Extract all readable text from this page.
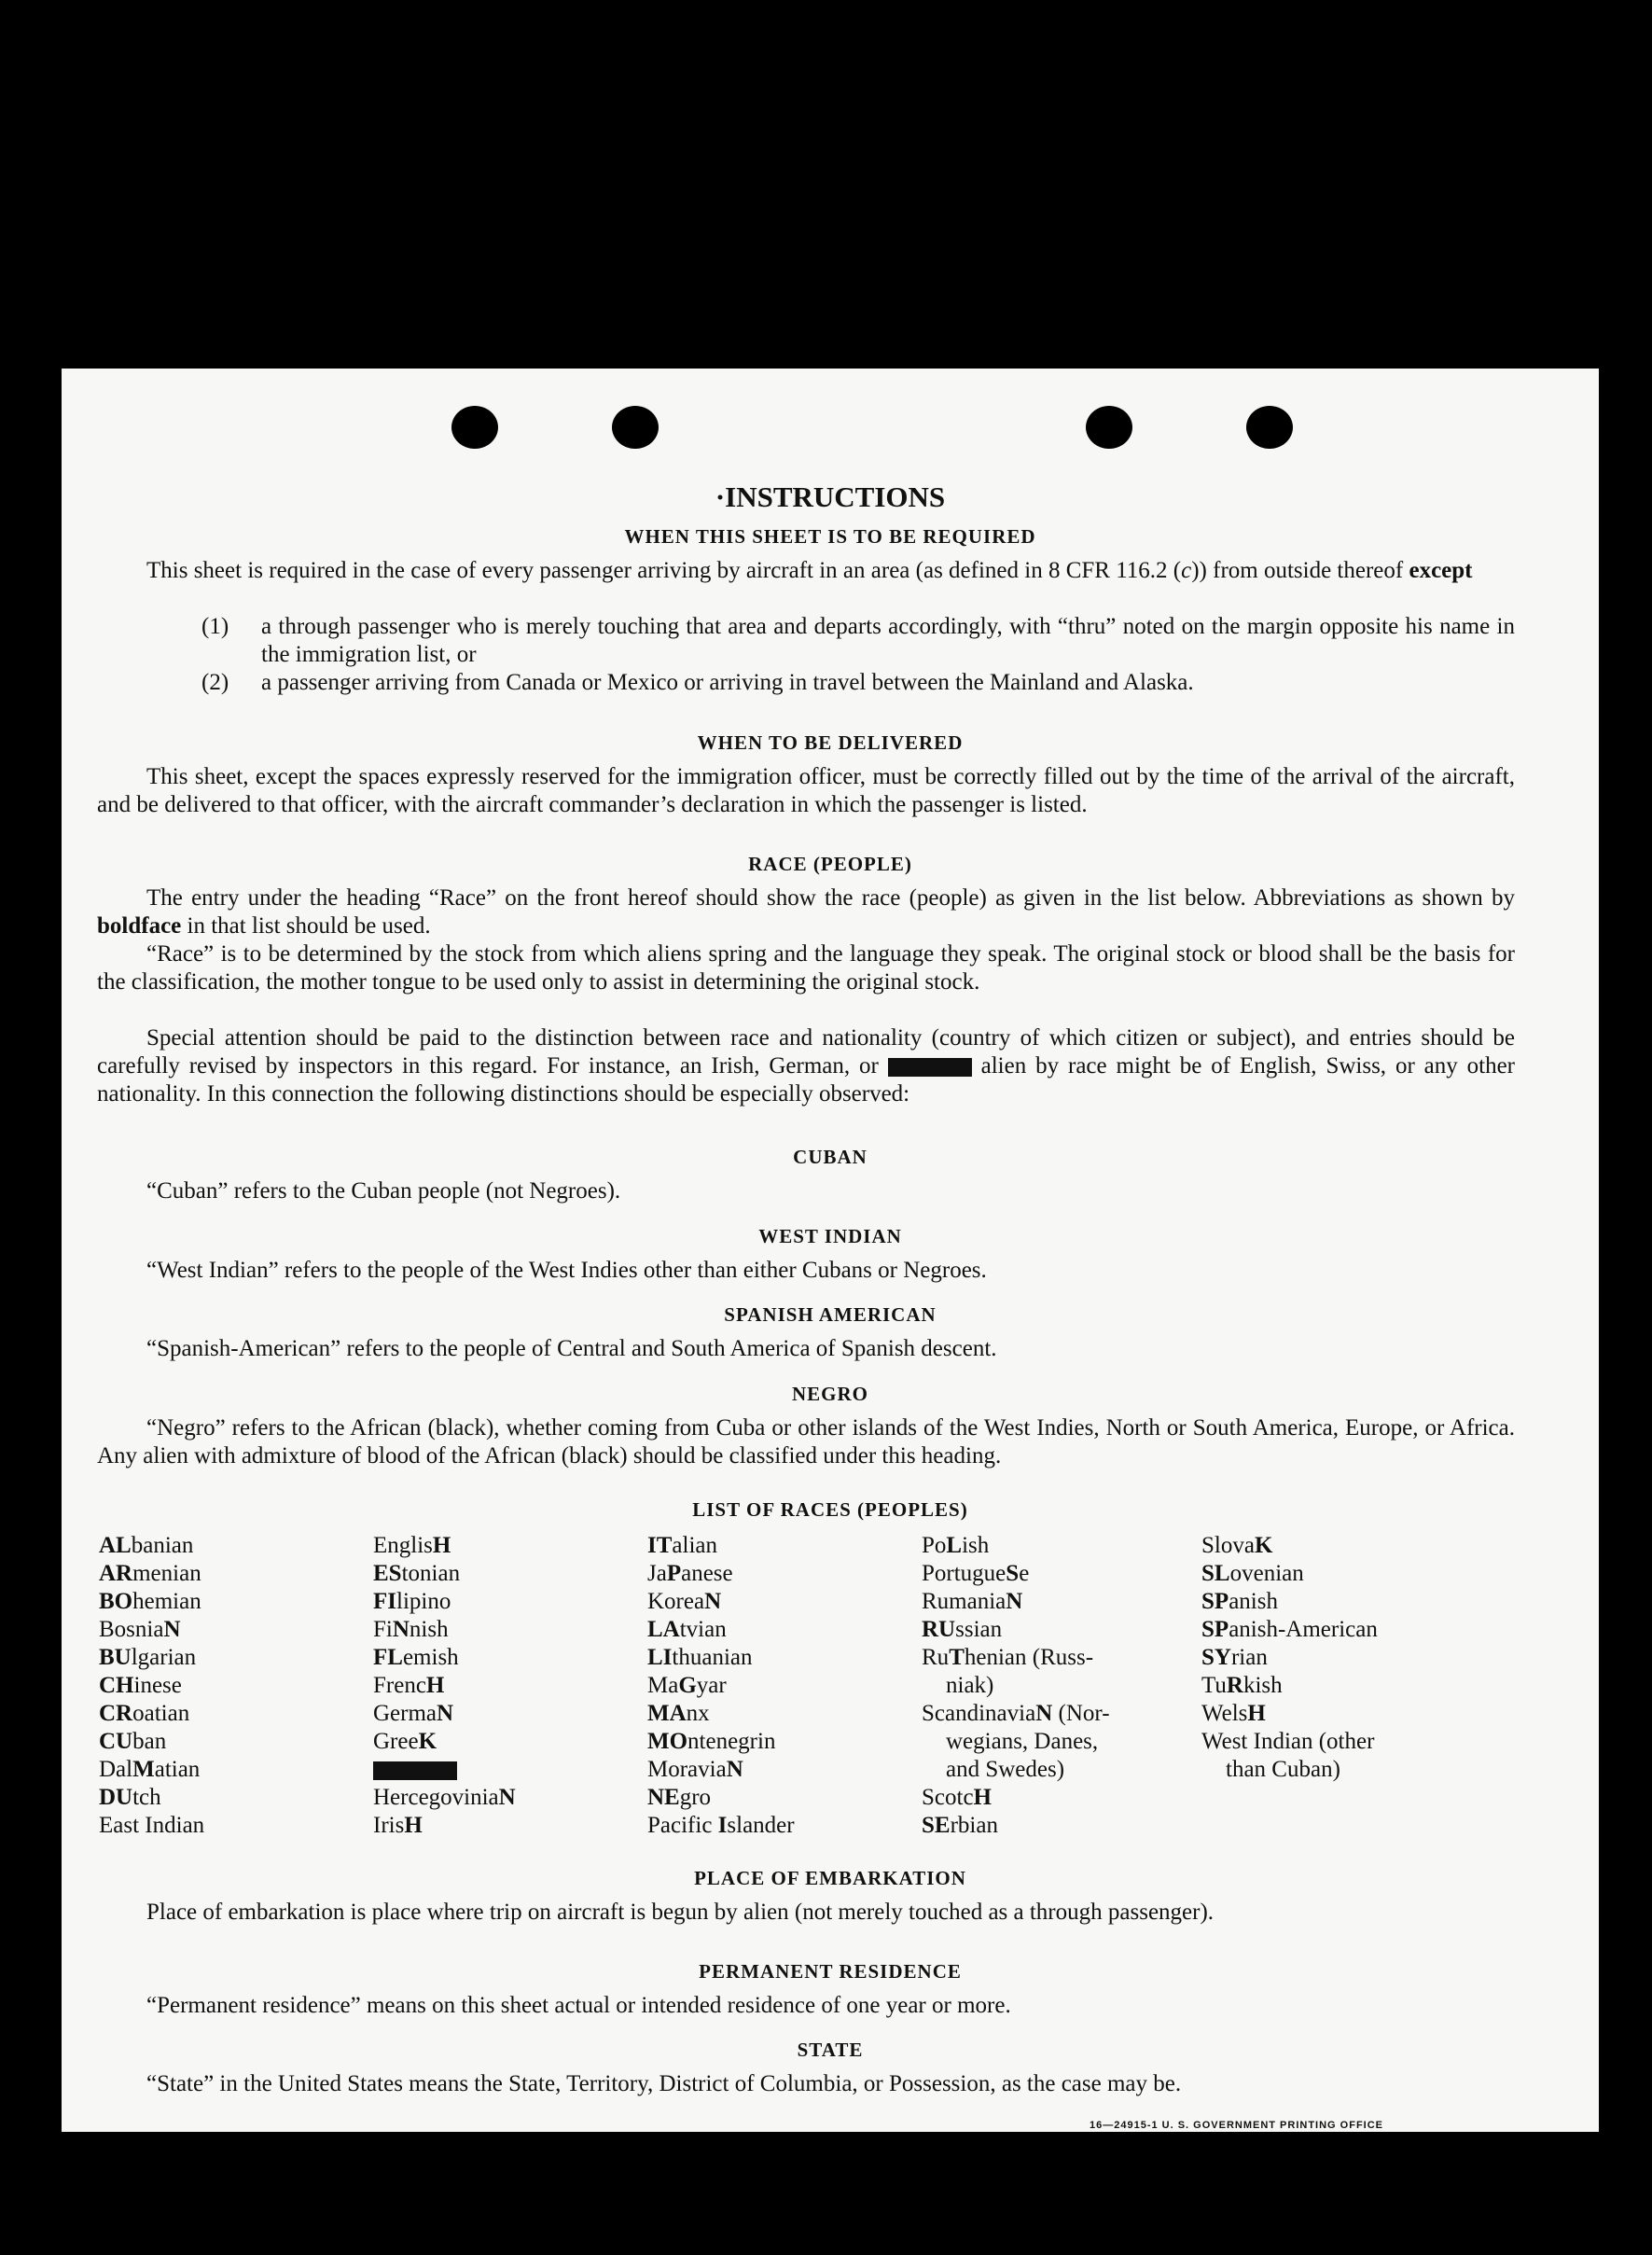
·INSTRUCTIONS
WHEN THIS SHEET IS TO BE REQUIRED

This sheet is required in the case of every passenger arriving by aircraft in an area (as defined in 8 CFR 116.2 (c)) from outside thereof except

(1) a through passenger who is merely touching that area and departs accordingly, with “thru” noted on the margin opposite his name in the immigration list, or
(2) a passenger arriving from Canada or Mexico or arriving in travel between the Mainland and Alaska.
WHEN TO BE DELIVERED

This sheet, except the spaces expressly reserved for the immigration officer, must be correctly filled out by the time of the arrival of the aircraft, and be delivered to that officer, with the aircraft commander’s declaration in which the passenger is listed.

RACE (PEOPLE)

The entry under the heading “Race” on the front hereof should show the race (people) as given in the list below. Abbreviations as shown by boldface in that list should be used.

“Race” is to be determined by the stock from which aliens spring and the language they speak. The original stock or blood shall be the basis for the classification, the mother tongue to be used only to assist in determining the original stock.

Special attention should be paid to the distinction between race and nationality (country of which citizen or subject), and entries should be carefully revised by inspectors in this regard. For instance, an Irish, German, or	alien by race might be of English, Swiss, or any other nationality. In this connection the following distinctions should be especially observed:

CUBAN

“Cuban” refers to the Cuban people (not Negroes).

WEST INDIAN

“West Indian” refers to the people of the West Indies other than either Cubans or Negroes.

SPANISH AMERICAN

“Spanish-American” refers to the people of Central and South America of Spanish descent.

NEGRO

“Negro” refers to the African (black), whether coming from Cuba or other islands of the West Indies, North or South America, Europe, or Africa. Any alien with admixture of blood of the African (black) should be classified under this heading.

LIST OF RACES (PEOPLES)
ALbanian
ARmenian
BOhemian
BosniaN
BUlgarian
CHinese
CRoatian
CUban
DalMatian
DUtch
East Indian
EnglisH
EStonian
FIlipino
FiNnish
FLemish
FrencH
GermaN
GreeK
HercegoviniaN
IrisH
ITalian
JaPanese
KoreaN
LAtvian
LIthuanian
MaGyar
MAnx
MOntenegrin
MoraviaN
NEgro
Pacific Islander
PoLish
PortugueSe
RumaniaN
RUssian
RuThenian (Russ-
niak)
ScandinaviaN (Nor-
wegians, Danes,
and Swedes)
ScotcH
SErbian
SlovaK
SLovenian
SPanish
SPanish-American
SYrian
TuRkish
WelsH
West Indian (other
than Cuban)
PLACE OF EMBARKATION

Place of embarkation is place where trip on aircraft is begun by alien (not merely touched as a through passenger).

PERMANENT RESIDENCE

“Permanent residence” means on this sheet actual or intended residence of one year or more.

STATE

“State” in the United States means the State, Territory, District of Columbia, or Possession, as the case may be.

16—24915-1 U. S. GOVERNMENT PRINTING OFFICE
